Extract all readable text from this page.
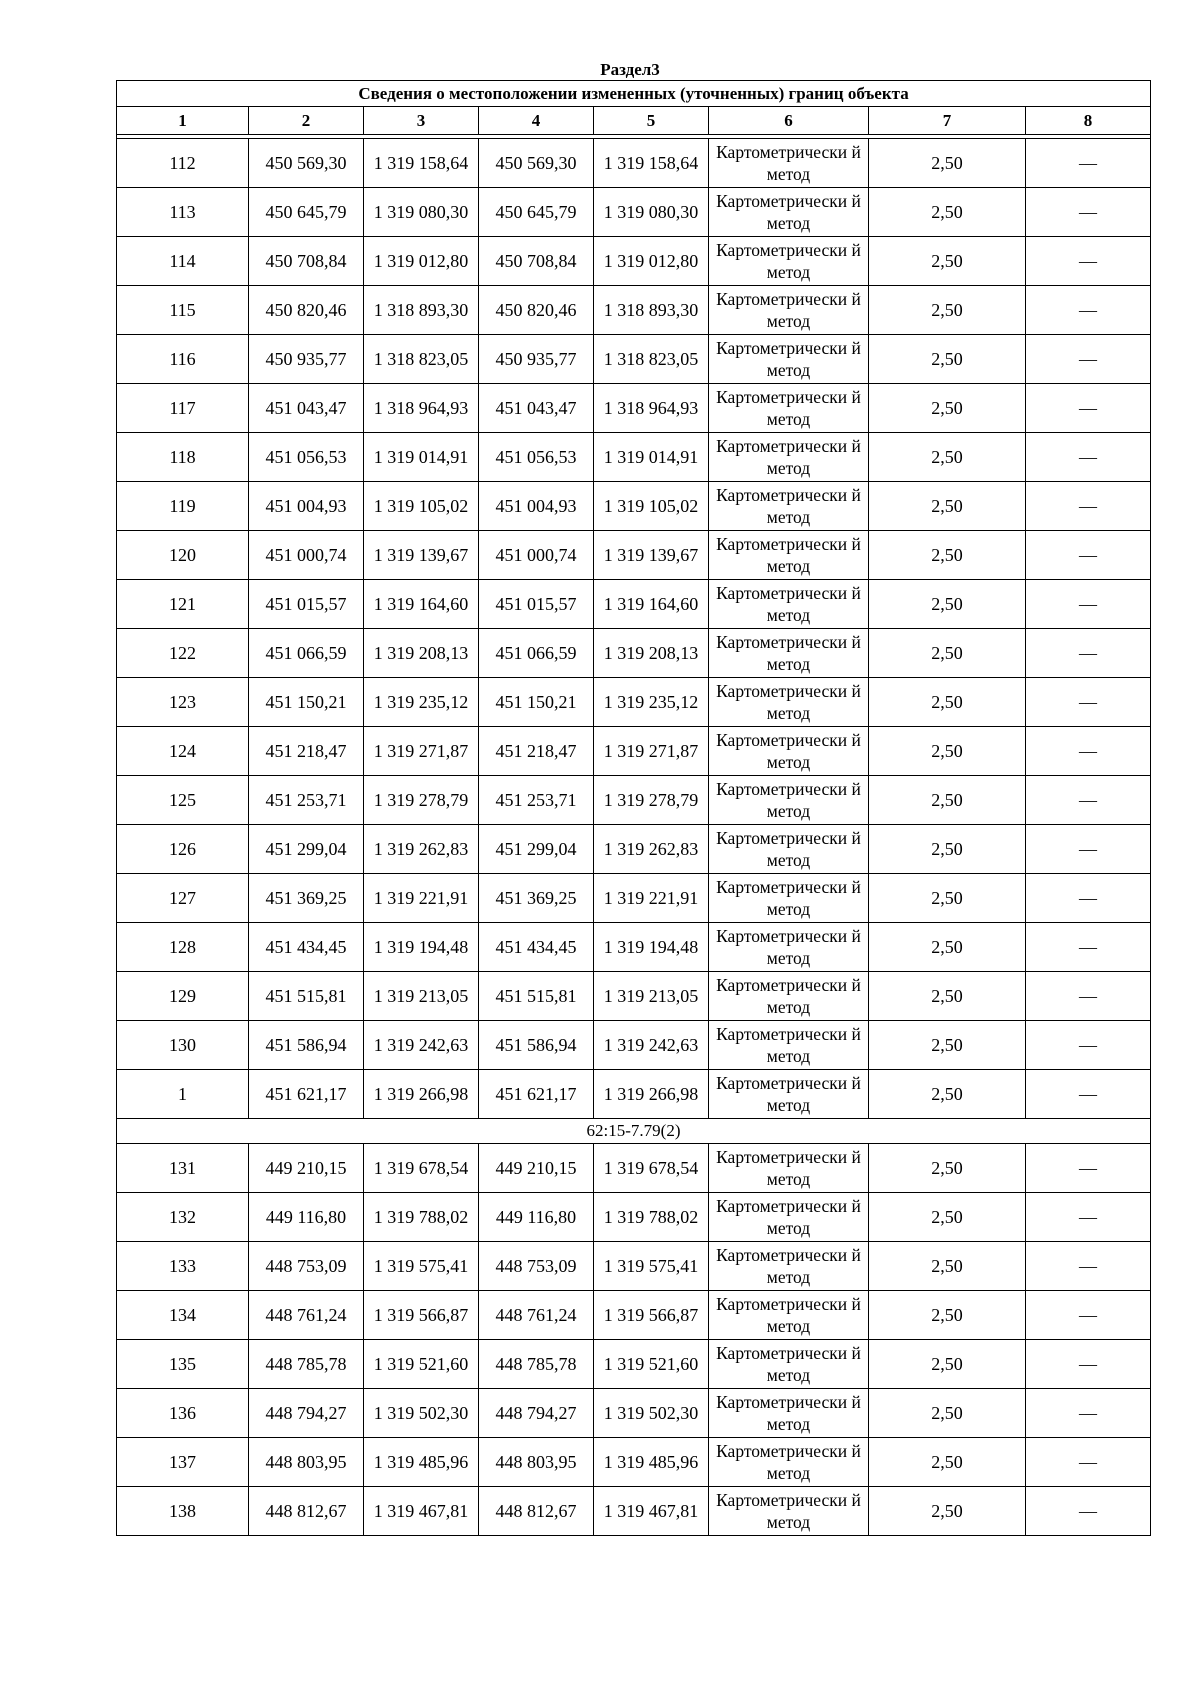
Раздел3
Сведения о местоположении измененных (уточненных) границ объекта							
1	2	3	4	5	6	7	8

112	450 569,30	1 319 158,64	450 569,30	1 319 158,64	Картометрически й метод	2,50	—
113	450 645,79	1 319 080,30	450 645,79	1 319 080,30	Картометрически й метод	2,50	—
114	450 708,84	1 319 012,80	450 708,84	1 319 012,80	Картометрически й метод	2,50	—
115	450 820,46	1 318 893,30	450 820,46	1 318 893,30	Картометрически й метод	2,50	—
116	450 935,77	1 318 823,05	450 935,77	1 318 823,05	Картометрически й метод	2,50	—
117	451 043,47	1 318 964,93	451 043,47	1 318 964,93	Картометрически й метод	2,50	—
118	451 056,53	1 319 014,91	451 056,53	1 319 014,91	Картометрически й метод	2,50	—
119	451 004,93	1 319 105,02	451 004,93	1 319 105,02	Картометрически й метод	2,50	—
120	451 000,74	1 319 139,67	451 000,74	1 319 139,67	Картометрически й метод	2,50	—
121	451 015,57	1 319 164,60	451 015,57	1 319 164,60	Картометрически й метод	2,50	—
122	451 066,59	1 319 208,13	451 066,59	1 319 208,13	Картометрически й метод	2,50	—
123	451 150,21	1 319 235,12	451 150,21	1 319 235,12	Картометрически й метод	2,50	—
124	451 218,47	1 319 271,87	451 218,47	1 319 271,87	Картометрически й метод	2,50	—
125	451 253,71	1 319 278,79	451 253,71	1 319 278,79	Картометрически й метод	2,50	—
126	451 299,04	1 319 262,83	451 299,04	1 319 262,83	Картометрически й метод	2,50	—
127	451 369,25	1 319 221,91	451 369,25	1 319 221,91	Картометрически й метод	2,50	—
128	451 434,45	1 319 194,48	451 434,45	1 319 194,48	Картометрически й метод	2,50	—
129	451 515,81	1 319 213,05	451 515,81	1 319 213,05	Картометрически й метод	2,50	—
130	451 586,94	1 319 242,63	451 586,94	1 319 242,63	Картометрически й метод	2,50	—
1	451 621,17	1 319 266,98	451 621,17	1 319 266,98	Картометрически й метод	2,50	—
62:15-7.79(2)							
131	449 210,15	1 319 678,54	449 210,15	1 319 678,54	Картометрически й метод	2,50	—
132	449 116,80	1 319 788,02	449 116,80	1 319 788,02	Картометрически й метод	2,50	—
133	448 753,09	1 319 575,41	448 753,09	1 319 575,41	Картометрически й метод	2,50	—
134	448 761,24	1 319 566,87	448 761,24	1 319 566,87	Картометрически й метод	2,50	—
135	448 785,78	1 319 521,60	448 785,78	1 319 521,60	Картометрически й метод	2,50	—
136	448 794,27	1 319 502,30	448 794,27	1 319 502,30	Картометрически й метод	2,50	—
137	448 803,95	1 319 485,96	448 803,95	1 319 485,96	Картометрически й метод	2,50	—
138	448 812,67	1 319 467,81	448 812,67	1 319 467,81	Картометрически й метод	2,50	—
